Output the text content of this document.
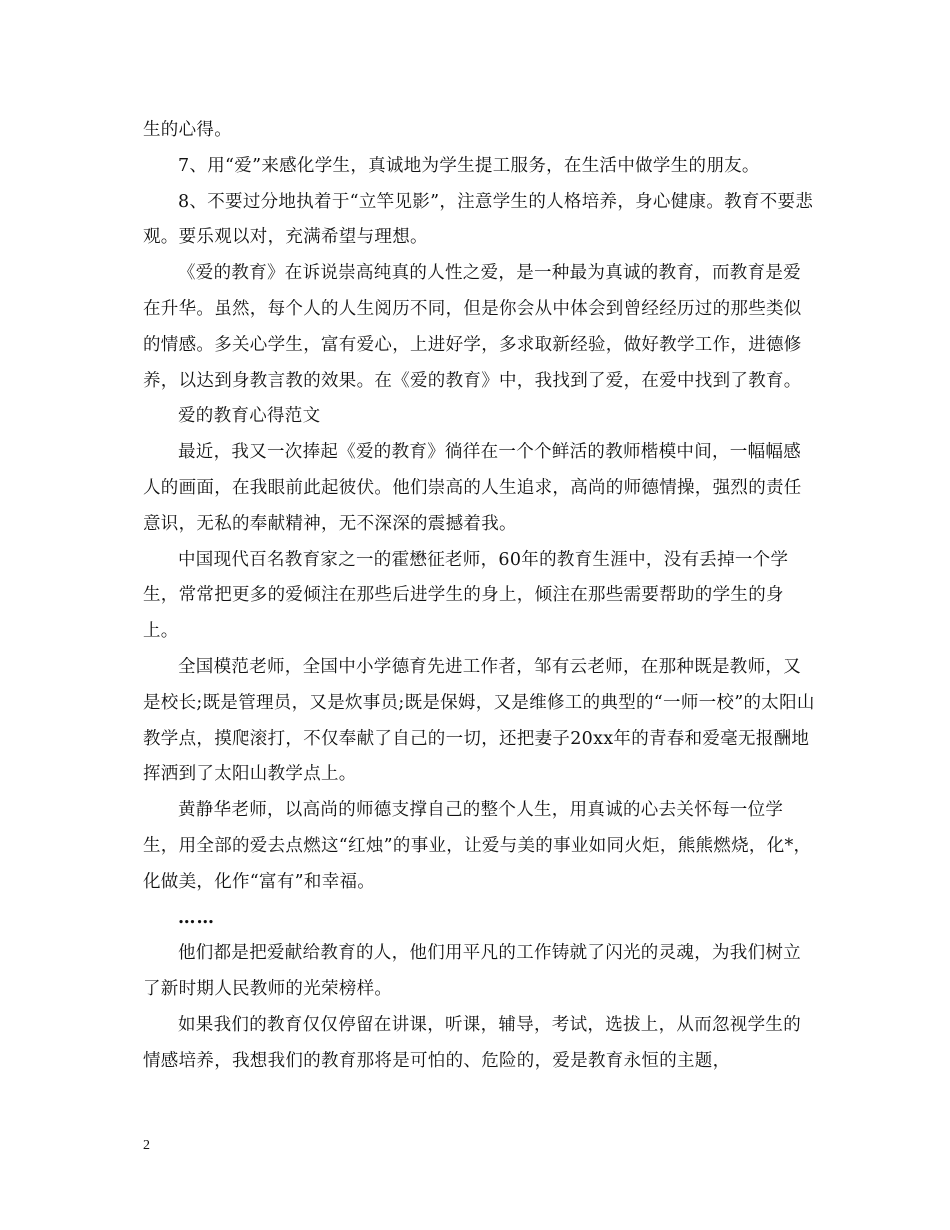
生的心得。

7、用“爱”来感化学生，真诚地为学生提工服务，在生活中做学生的朋友。

8、不要过分地执着于“立竿见影”，注意学生的人格培养，身心健康。教育不要悲观。要乐观以对，充满希望与理想。

《爱的教育》在诉说崇高纯真的人性之爱，是一种最为真诚的教育，而教育是爱在升华。虽然，每个人的人生阅历不同，但是你会从中体会到曾经经历过的那些类似的情感。多关心学生，富有爱心，上进好学，多求取新经验，做好教学工作，进德修养，以达到身教言教的效果。在《爱的教育》中，我找到了爱，在爱中找到了教育。

爱的教育心得范文

最近，我又一次捧起《爱的教育》徜徉在一个个鲜活的教师楷模中间，一幅幅感人的画面，在我眼前此起彼伏。他们崇高的人生追求，高尚的师德情操，强烈的责任意识，无私的奉献精神，无不深深的震撼着我。

中国现代百名教育家之一的霍懋征老师，60年的教育生涯中，没有丢掉一个学生，常常把更多的爱倾注在那些后进学生的身上，倾注在那些需要帮助的学生的身上。

全国模范老师，全国中小学德育先进工作者，邹有云老师，在那种既是教师，又是校长;既是管理员，又是炊事员;既是保姆，又是维修工的典型的“一师一校”的太阳山教学点，摸爬滚打，不仅奉献了自己的一切，还把妻子20xx年的青春和爱毫无报酬地挥洒到了太阳山教学点上。

黄静华老师，以高尚的师德支撑自己的整个人生，用真诚的心去关怀每一位学生，用全部的爱去点燃这“红烛”的事业，让爱与美的事业如同火炬，熊熊燃烧，化*，化做美，化作“富有”和幸福。

……

他们都是把爱献给教育的人，他们用平凡的工作铸就了闪光的灵魂，为我们树立了新时期人民教师的光荣榜样。

如果我们的教育仅仅停留在讲课，听课，辅导，考试，选拔上，从而忽视学生的情感培养，我想我们的教育那将是可怕的、危险的，爱是教育永恒的主题，

2
